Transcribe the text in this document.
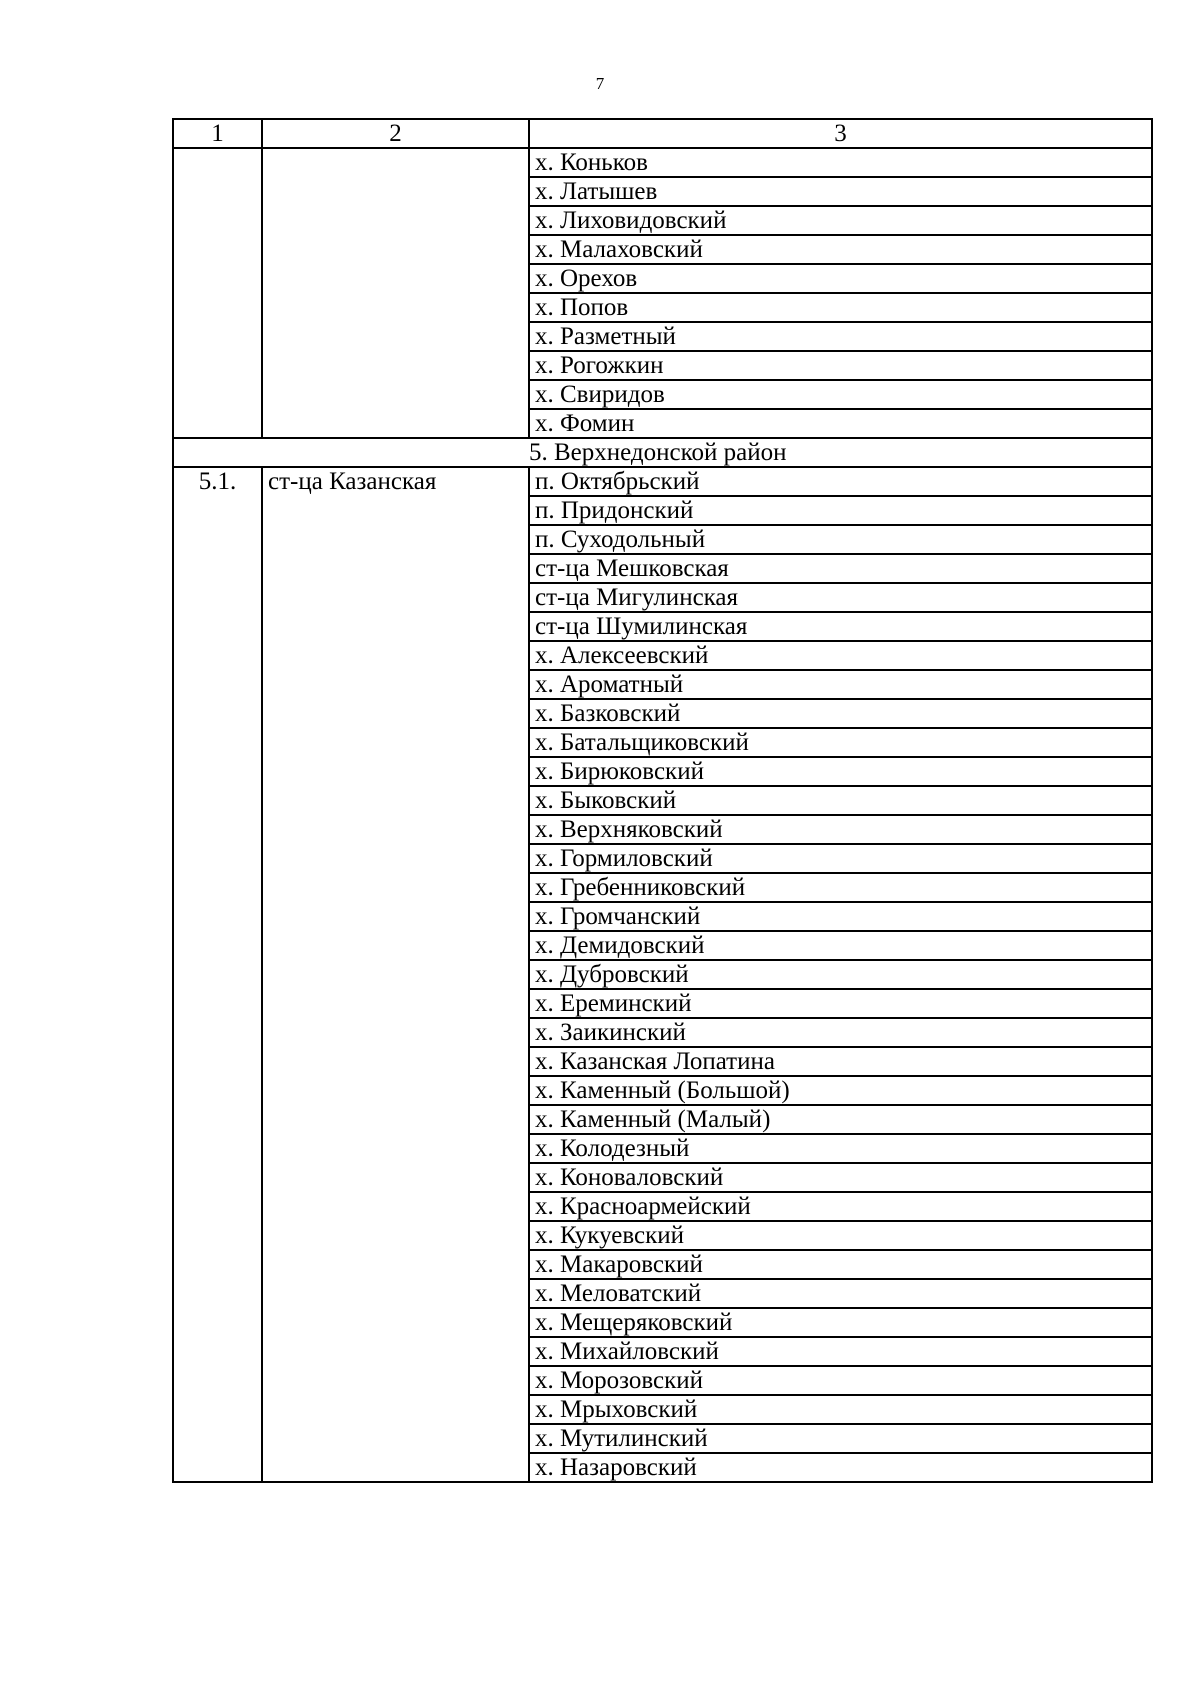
7
1	2	3
		х. Коньков
		х. Латышев
		х. Лиховидовский
		х. Малаховский
		х. Орехов
		х. Попов
		х. Разметный
		х. Рогожкин
		х. Свиридов
		х. Фомин
5. Верхнедонской район		
5.1.	ст-ца Казанская	п. Октябрьский
		п. Придонский
		п. Суходольный
		ст-ца Мешковская
		ст-ца Мигулинская
		ст-ца Шумилинская
		х. Алексеевский
		х. Ароматный
		х. Базковский
		х. Батальщиковский
		х. Бирюковский
		х. Быковский
		х. Верхняковский
		х. Гормиловский
		х. Гребенниковский
		х. Громчанский
		х. Демидовский
		х. Дубровский
		х. Ереминский
		х. Заикинский
		х. Казанская Лопатина
		х. Каменный (Большой)
		х. Каменный (Малый)
		х. Колодезный
		х. Коноваловский
		х. Красноармейский
		х. Кукуевский
		х. Макаровский
		х. Меловатский
		х. Мещеряковский
		х. Михайловский
		х. Морозовский
		х. Мрыховский
		х. Мутилинский
		х. Назаровский
